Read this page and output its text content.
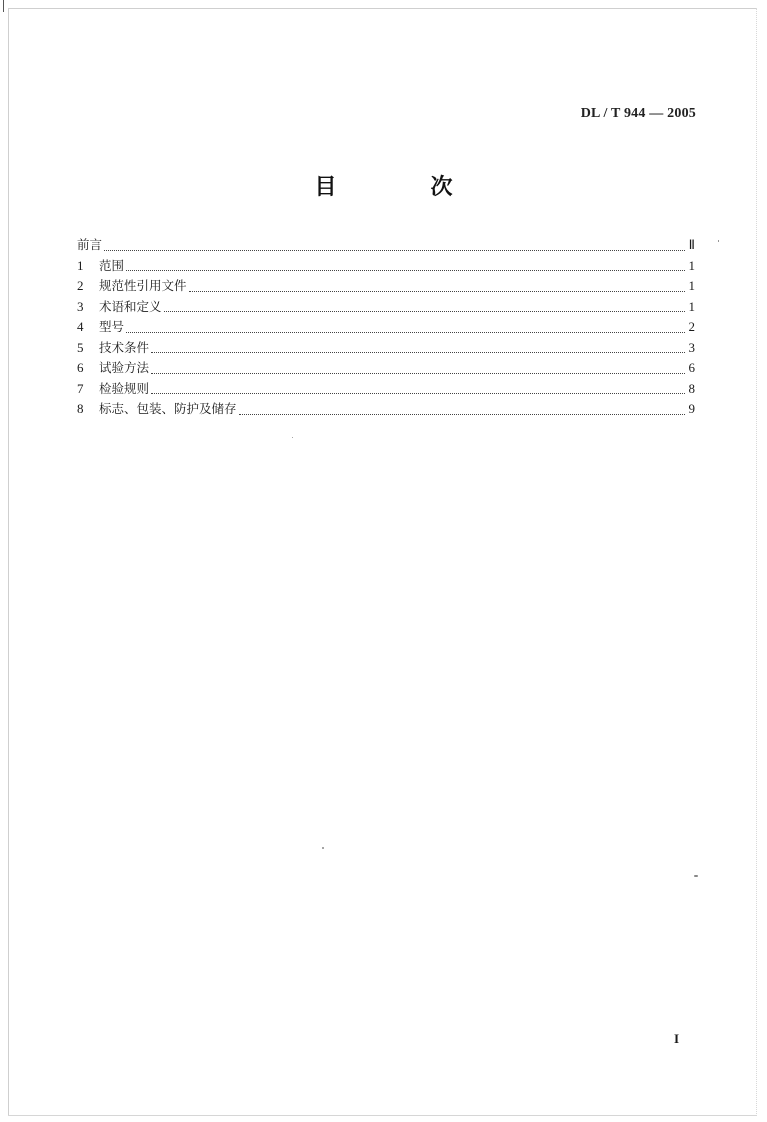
DL / T 944 — 2005
目　次
前言	Ⅱ
1	范围	1
2	规范性引用文件	1
3	术语和定义	1
4	型号	2
5	技术条件	3
6	试验方法	6
7	检验规则	8
8	标志、包装、防护及储存	9
I
